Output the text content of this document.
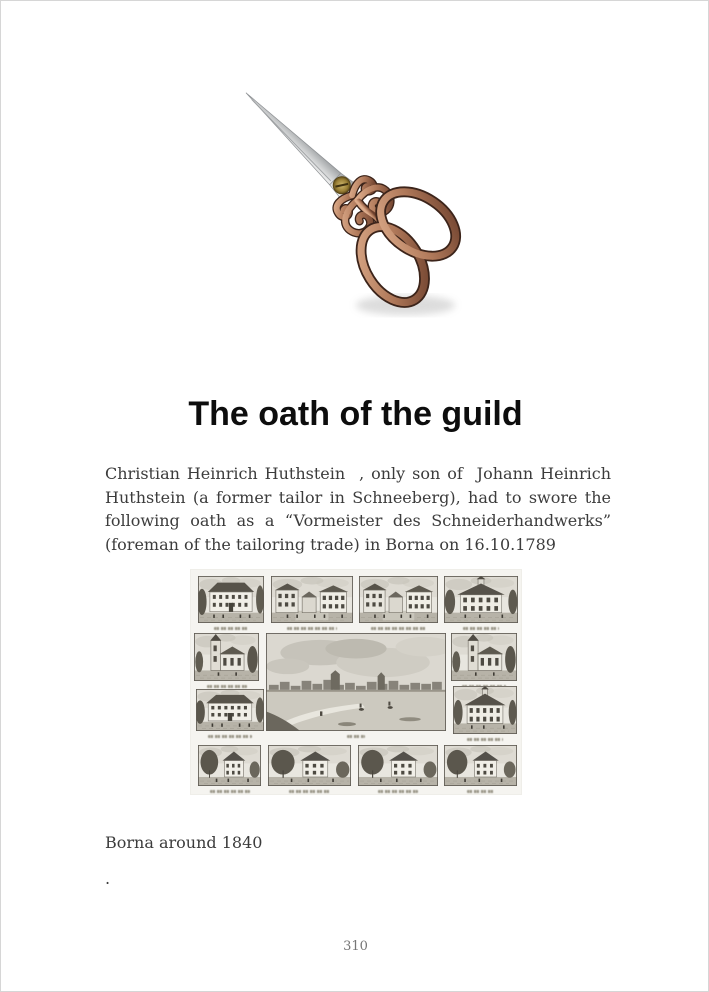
The oath of the guild

Christian Heinrich Huthstein  , only son of  Johann Heinrich Huthstein (a former tailor in Schneeberg), had to swore the following oath as a “Vormeister des Schneiderhandwerks” (foreman of the tailoring trade) in Borna on 16.10.1789

Borna around 1840
.
310
